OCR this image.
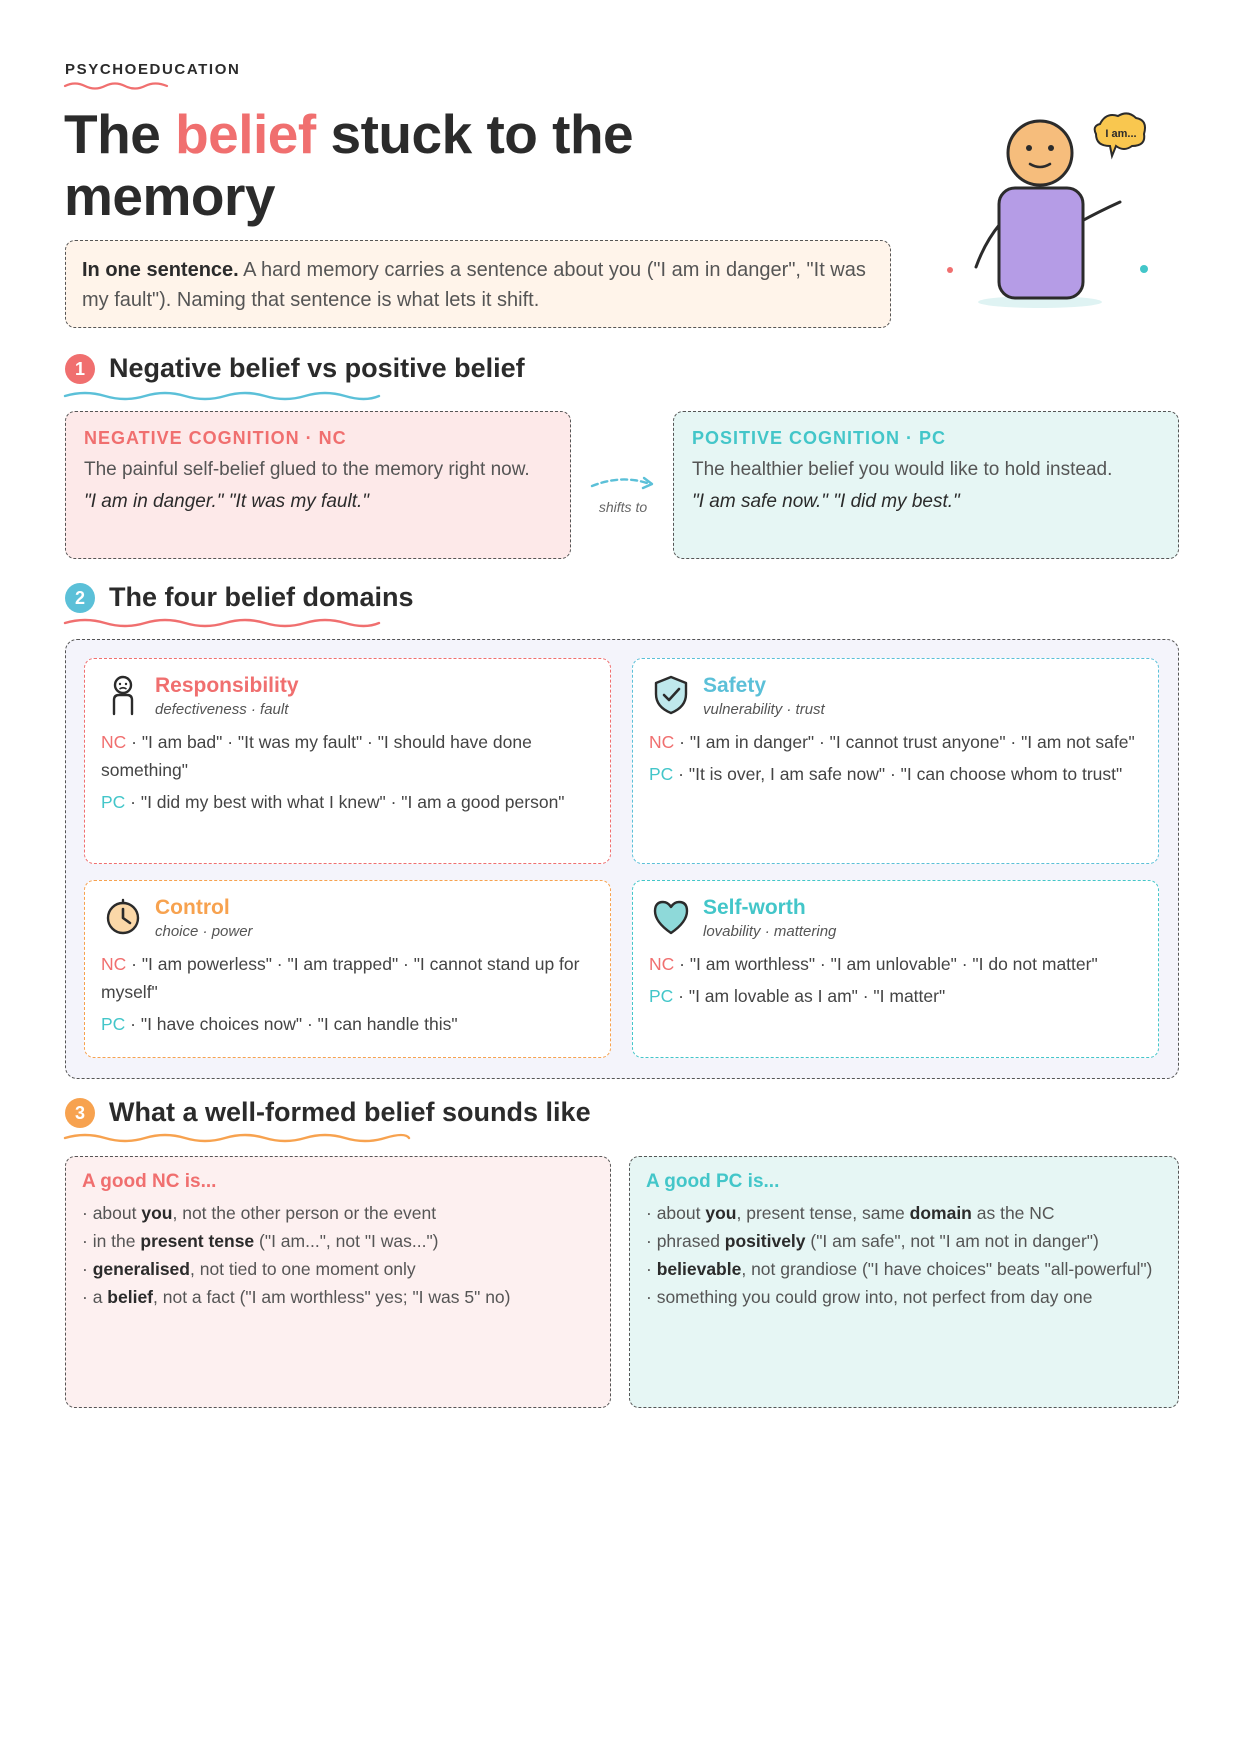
PSYCHOEDUCATION
The belief stuck to the memory
I am...
In one sentence. A hard memory carries a sentence about you ("I am in danger", "It was my fault"). Naming that sentence is what lets it shift.
1 Negative belief vs positive belief
NEGATIVE COGNITION · NC
The painful self-belief glued to the memory right now.
"I am in danger." "It was my fault."	shifts to
POSITIVE COGNITION · PC
The healthier belief you would like to hold instead.
"I am safe now." "I did my best."
2 The four belief domains
Responsibility
defectiveness · fault
NC · "I am bad" · "It was my fault" · "I should have done something"
PC · "I did my best with what I knew" · "I am a good person"
Safety
vulnerability · trust
NC · "I am in danger" · "I cannot trust anyone" · "I am not safe"
PC · "It is over, I am safe now" · "I can choose whom to trust"
Control
choice · power
NC · "I am powerless" · "I am trapped" · "I cannot stand up for myself"
PC · "I have choices now" · "I can handle this"
Self-worth
lovability · mattering
NC · "I am worthless" · "I am unlovable" · "I do not matter"
PC · "I am lovable as I am" · "I matter"
3 What a well-formed belief sounds like
A good NC is...
· about you, not the other person or the event
· in the present tense ("I am...", not "I was...")
· generalised, not tied to one moment only
· a belief, not a fact ("I am worthless" yes; "I was 5" no)
A good PC is...
· about you, present tense, same domain as the NC
· phrased positively ("I am safe", not "I am not in danger")
· believable, not grandiose ("I have choices" beats "all-powerful")
· something you could grow into, not perfect from day one
